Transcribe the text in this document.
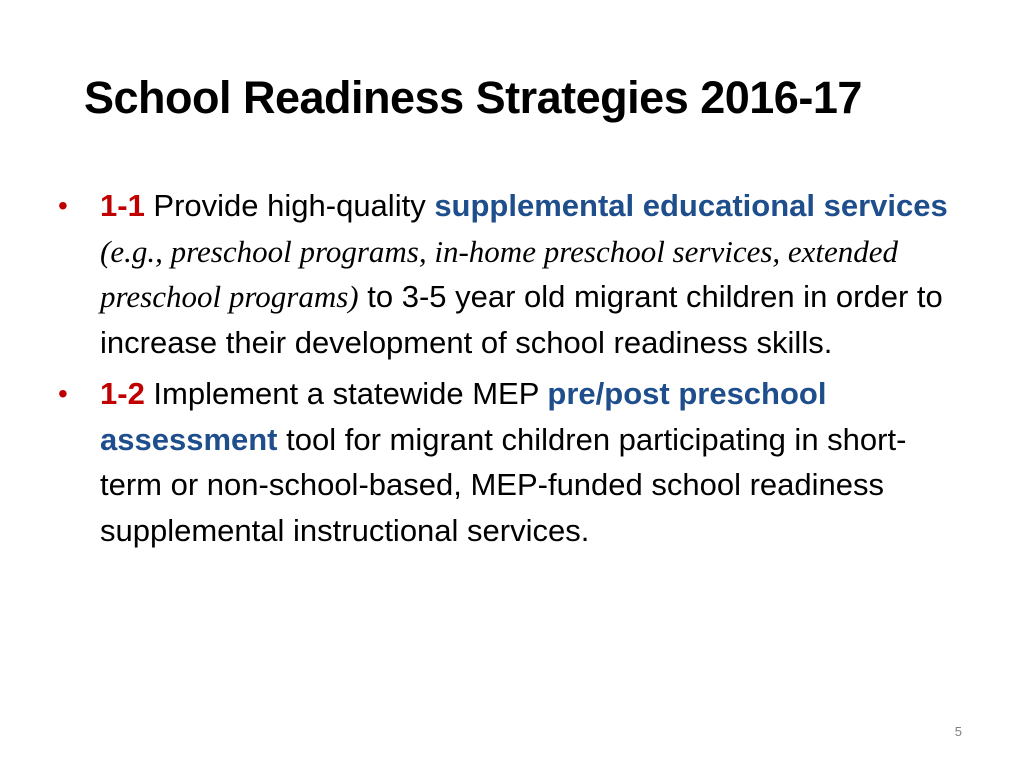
School Readiness Strategies 2016-17
• 1-1 Provide high-quality supplemental educational services (e.g., preschool programs, in-home preschool services, extended preschool programs) to 3-5 year old migrant children in order to increase their development of school readiness skills.
• 1-2 Implement a statewide MEP pre/post preschool assessment tool for migrant children participating in short-term or non-school-based, MEP-funded school readiness supplemental instructional services.
5
